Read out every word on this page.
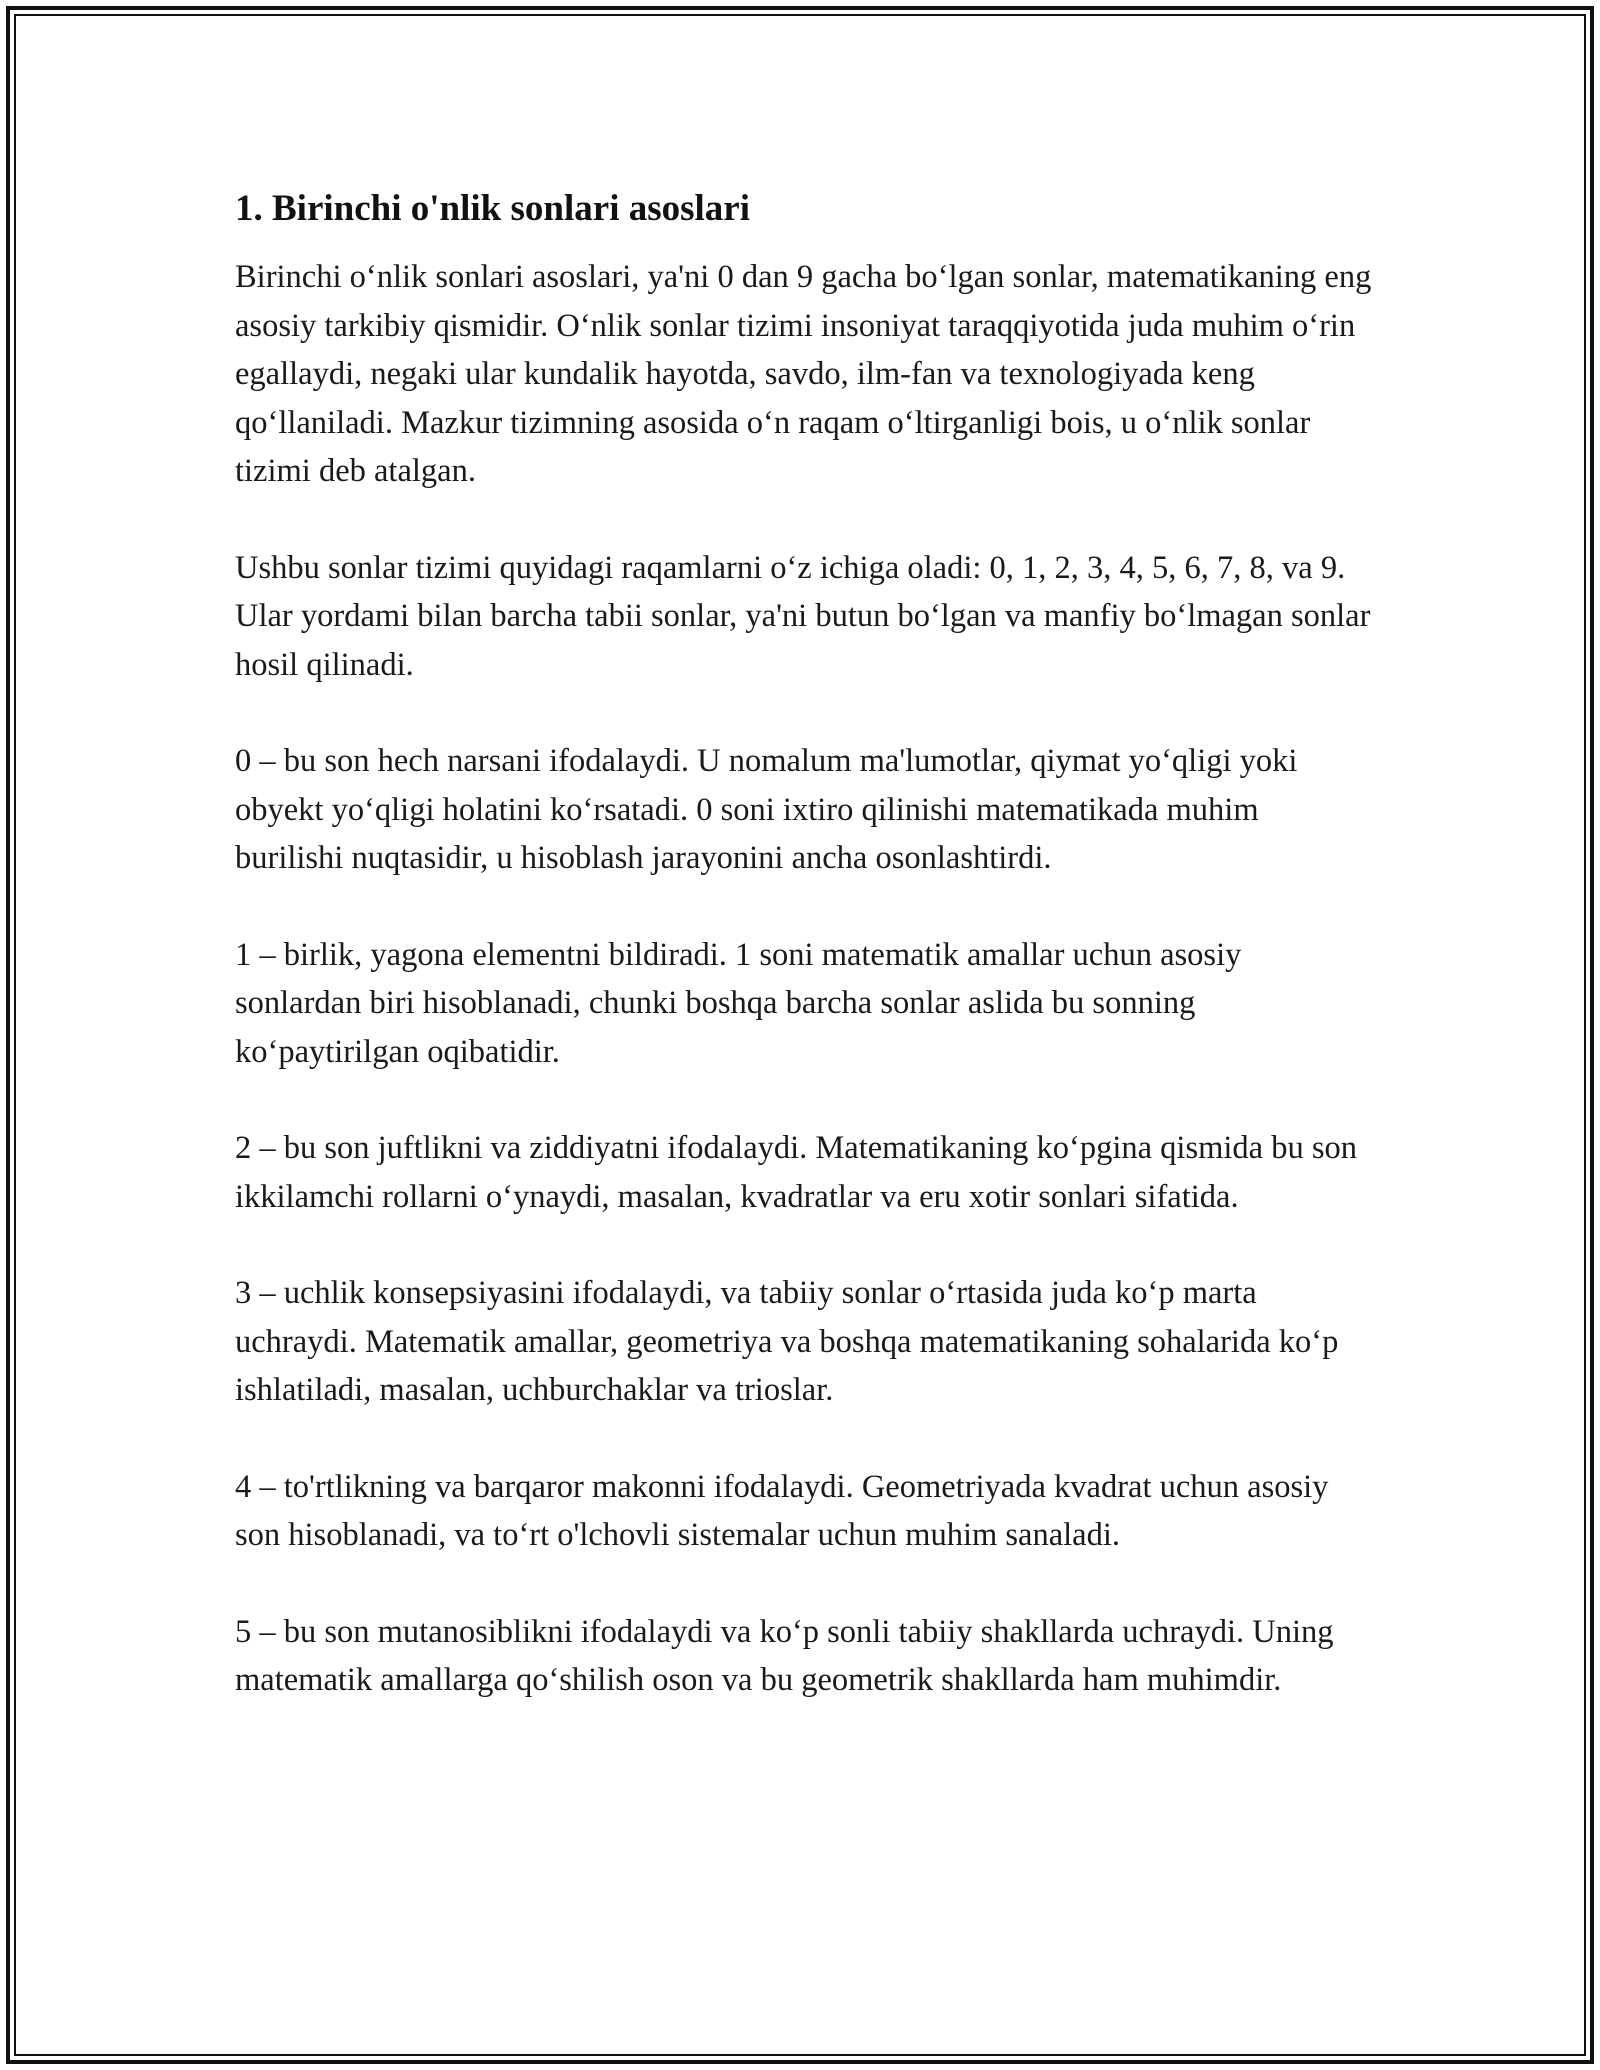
1. Birinchi o'nlik sonlari asoslari

Birinchi o‘nlik sonlari asoslari, ya'ni 0 dan 9 gacha bo‘lgan sonlar, matematikaning eng asosiy tarkibiy qismidir. O‘nlik sonlar tizimi insoniyat taraqqiyotida juda muhim o‘rin egallaydi, negaki ular kundalik hayotda, savdo, ilm-fan va texnologiyada keng qo‘llaniladi. Mazkur tizimning asosida o‘n raqam o‘ltirganligi bois, u o‘nlik sonlar tizimi deb atalgan.

Ushbu sonlar tizimi quyidagi raqamlarni o‘z ichiga oladi: 0, 1, 2, 3, 4, 5, 6, 7, 8, va 9. Ular yordami bilan barcha tabii sonlar, ya'ni butun bo‘lgan va manfiy bo‘lmagan sonlar hosil qilinadi.

0 – bu son hech narsani ifodalaydi. U nomalum ma'lumotlar, qiymat yo‘qligi yoki obyekt yo‘qligi holatini ko‘rsatadi. 0 soni ixtiro qilinishi matematikada muhim burilishi nuqtasidir, u hisoblash jarayonini ancha osonlashtirdi.

1 – birlik, yagona elementni bildiradi. 1 soni matematik amallar uchun asosiy sonlardan biri hisoblanadi, chunki boshqa barcha sonlar aslida bu sonning ko‘paytirilgan oqibatidir.

2 – bu son juftlikni va ziddiyatni ifodalaydi. Matematikaning ko‘pgina qismida bu son ikkilamchi rollarni o‘ynaydi, masalan, kvadratlar va eru xotir sonlari sifatida.

3 – uchlik konsepsiyasini ifodalaydi, va tabiiy sonlar o‘rtasida juda ko‘p marta uchraydi. Matematik amallar, geometriya va boshqa matematikaning sohalarida ko‘p ishlatiladi, masalan, uchburchaklar va trioslar.

4 – to'rtlikning va barqaror makonni ifodalaydi. Geometriyada kvadrat uchun asosiy son hisoblanadi, va to‘rt o'lchovli sistemalar uchun muhim sanaladi.

5 – bu son mutanosiblikni ifodalaydi va ko‘p sonli tabiiy shakllarda uchraydi. Uning matematik amallarga qo‘shilish oson va bu geometrik shakllarda ham muhimdir.
